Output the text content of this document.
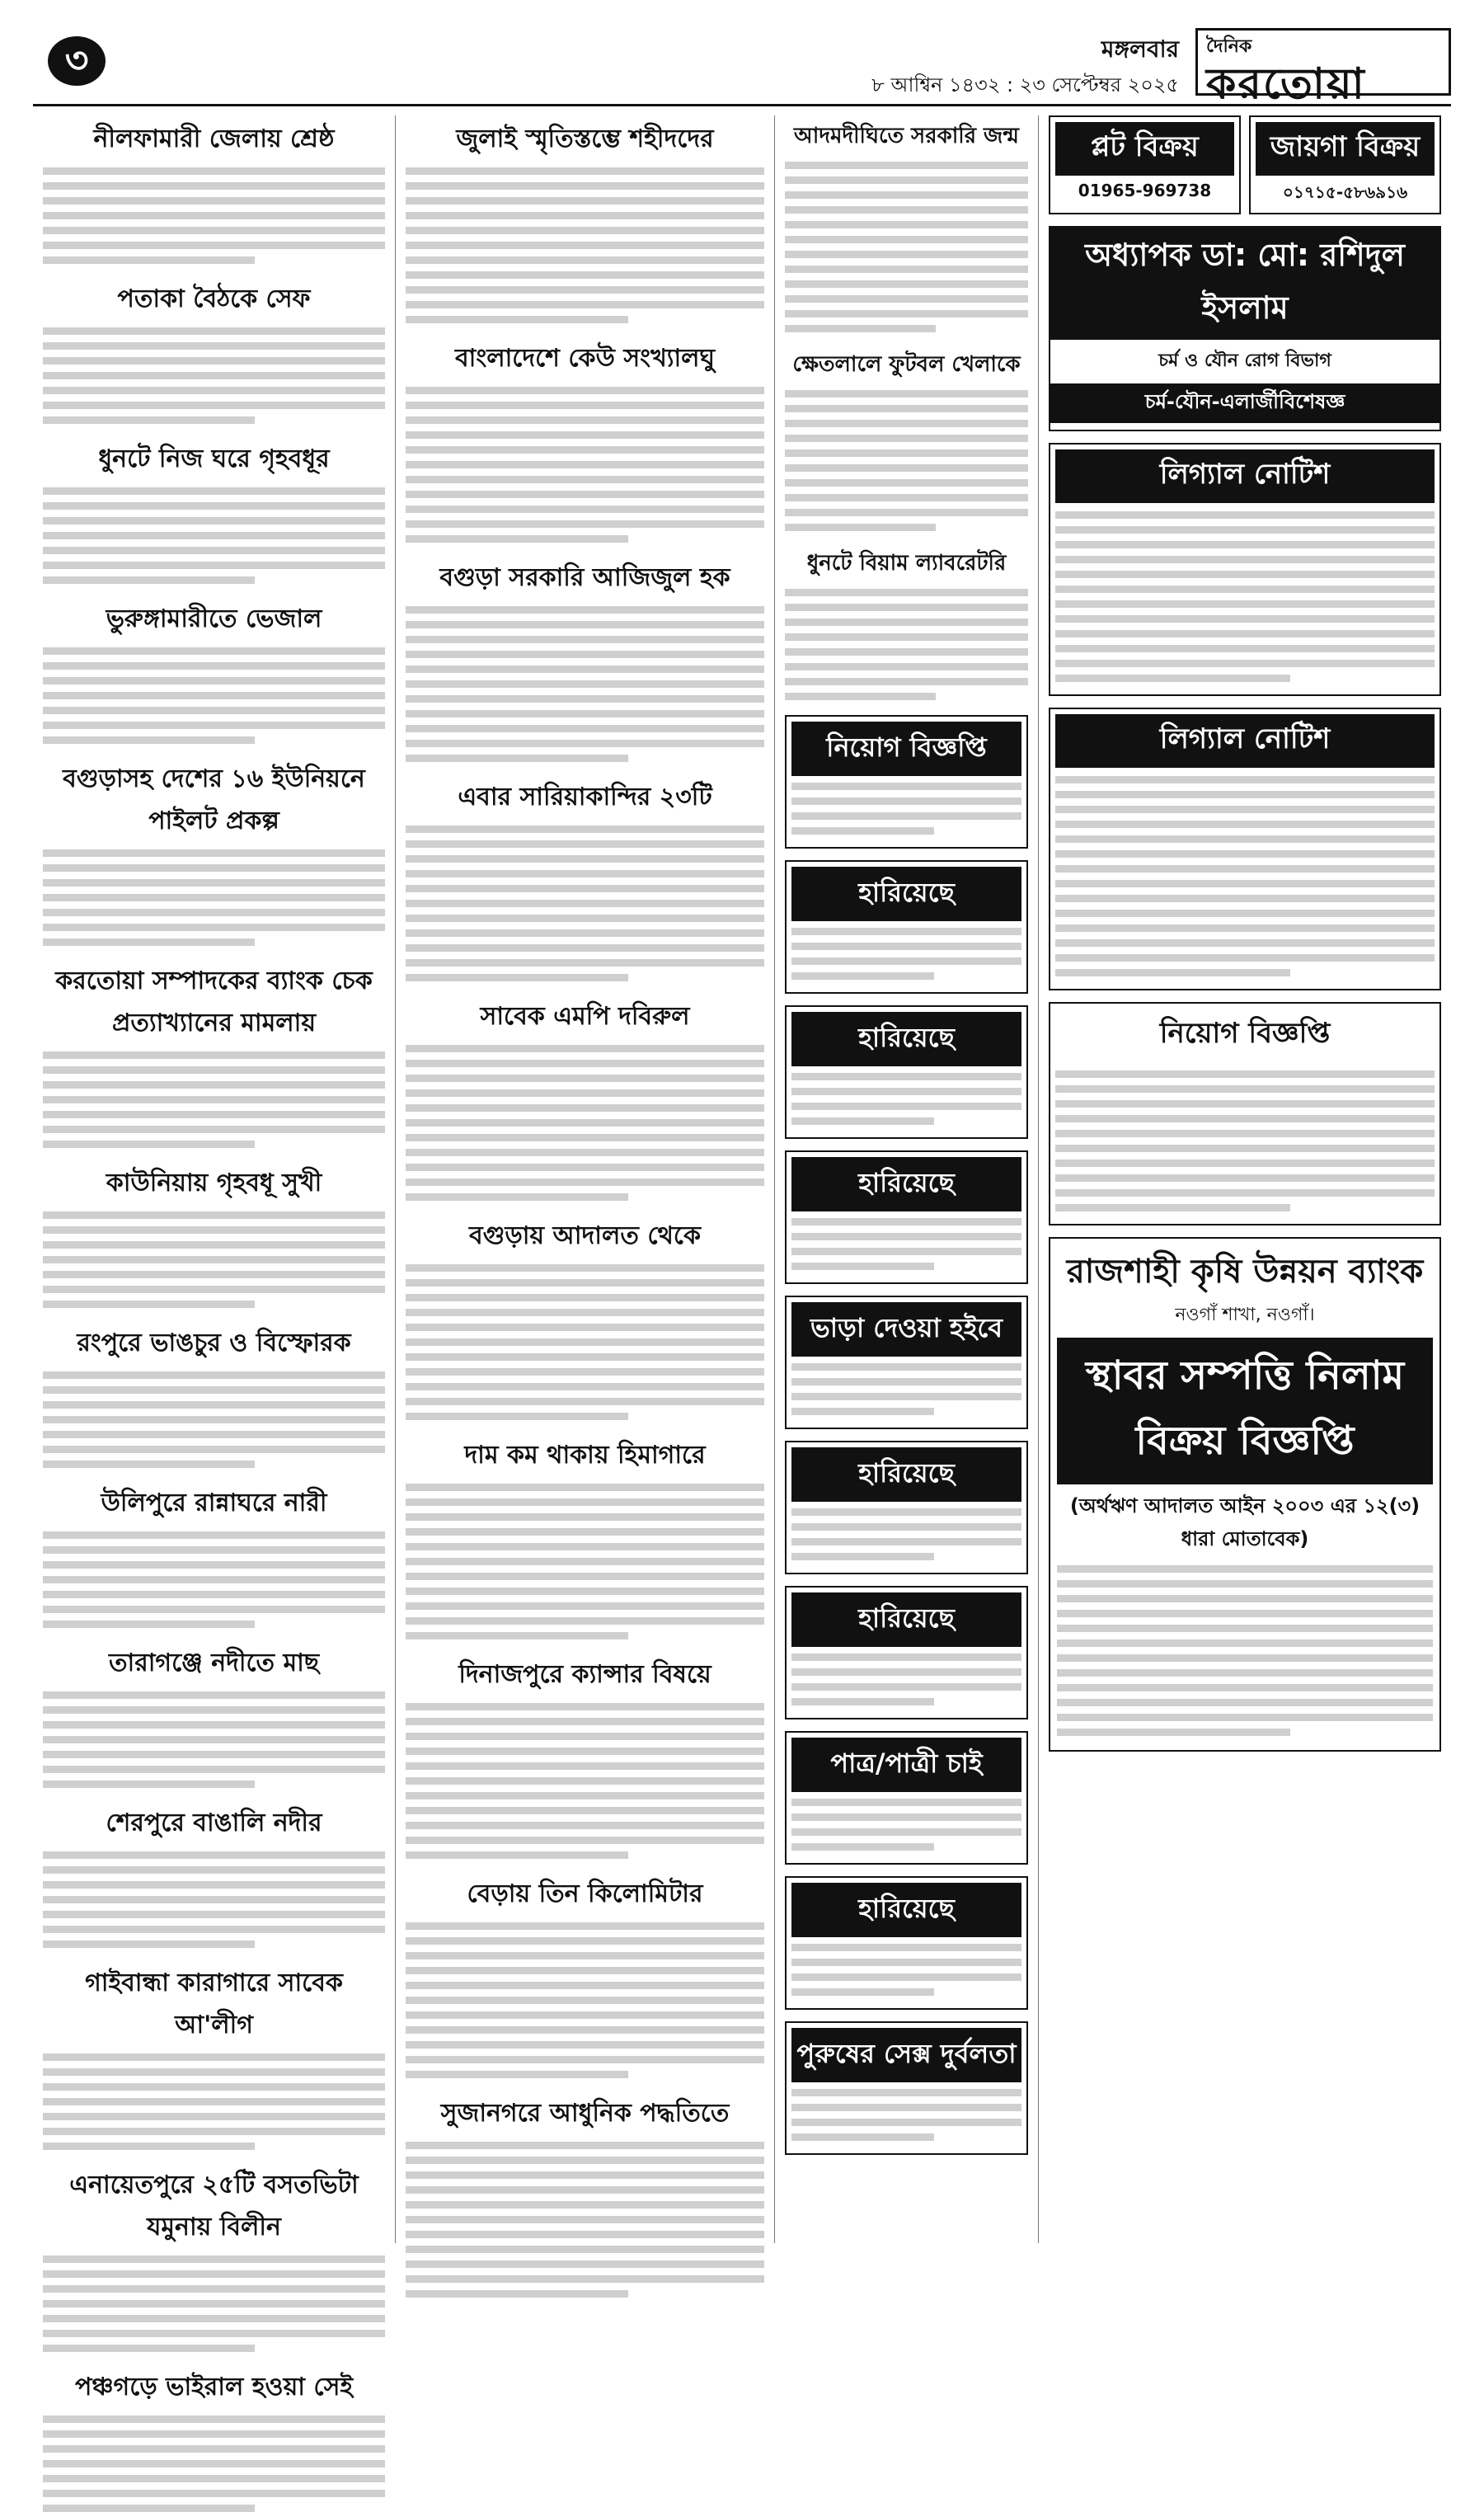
৩	মঙ্গলবার
৮ আশ্বিন ১৪৩২ : ২৩ সেপ্টেম্বর ২০২৫
দৈনিক
করতোয়া
নীলফামারী জেলায় শ্রেষ্ঠ
পতাকা বৈঠকে সেফ
ধুনটে নিজ ঘরে গৃহবধূর
ভুরুঙ্গামারীতে ভেজাল
বগুড়াসহ দেশের ১৬ ইউনিয়নে পাইলট প্রকল্প
করতোয়া সম্পাদকের ব্যাংক চেক প্রত্যাখ্যানের মামলায়
কাউনিয়ায় গৃহবধূ সুখী
রংপুরে ভাঙচুর ও বিস্ফোরক
উলিপুরে রান্নাঘরে নারী
তারাগঞ্জে নদীতে মাছ
শেরপুরে বাঙালি নদীর
গাইবান্ধা কারাগারে সাবেক আ'লীগ
এনায়েতপুরে ২৫টি বসতভিটা যমুনায় বিলীন
পঞ্চগড়ে ভাইরাল হওয়া সেই
জুলাই স্মৃতিস্তম্ভে শহীদদের
বাংলাদেশে কেউ সংখ্যালঘু
বগুড়া সরকারি আজিজুল হক
এবার সারিয়াকান্দির ২৩টি
সাবেক এমপি দবিরুল
বগুড়ায় আদালত থেকে
দাম কম থাকায় হিমাগারে
দিনাজপুরে ক্যান্সার বিষয়ে
বেড়ায় তিন কিলোমিটার
সুজানগরে আধুনিক পদ্ধতিতে
আদমদীঘিতে সরকারি জন্ম
ক্ষেতলালে ফুটবল খেলাকে
ধুনটে বিয়াম ল্যাবরেটরি
নিয়োগ বিজ্ঞপ্তি
হারিয়েছে
হারিয়েছে
হারিয়েছে
ভাড়া দেওয়া হইবে
হারিয়েছে
হারিয়েছে
পাত্র/পাত্রী চাই
হারিয়েছে
পুরুষের সেক্স দুর্বলতা
প্লট বিক্রয়
01965-969738
জায়গা বিক্রয়
০১৭১৫-৫৮৬৯১৬
অধ্যাপক ডা: মো: রশিদুল ইসলাম
চর্ম ও যৌন রোগ বিভাগ
চর্ম-যৌন-এলার্জীবিশেষজ্ঞ
লিগ্যাল নোটিশ
লিগ্যাল নোটিশ
নিয়োগ বিজ্ঞপ্তি
রাজশাহী কৃষি উন্নয়ন ব্যাংক
নওগাঁ শাখা, নওগাঁ।
স্থাবর সম্পত্তি নিলাম বিক্রয় বিজ্ঞপ্তি
(অর্থঋণ আদালত আইন ২০০৩ এর ১২(৩) ধারা মোতাবেক)
